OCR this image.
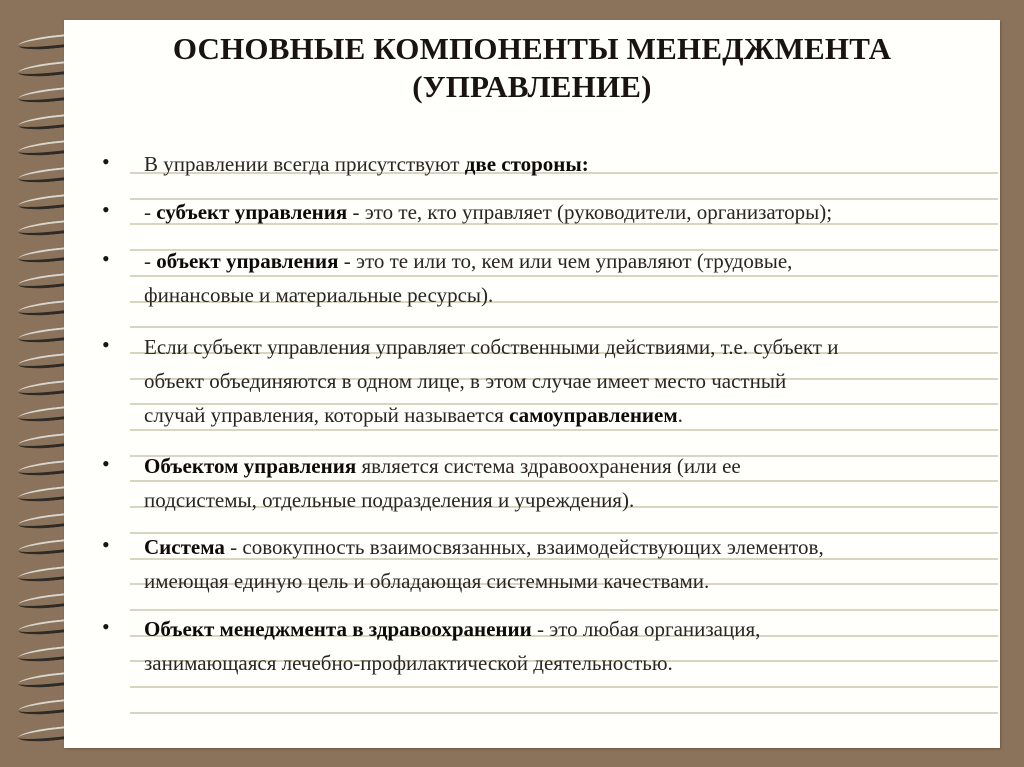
ОСНОВНЫЕ КОМПОНЕНТЫ МЕНЕДЖМЕНТА
(УПРАВЛЕНИЕ)
• В управлении всегда присутствуют две стороны:
• - субъект управления - это те, кто управляет (руководители, организаторы);
• - объект управления - это те или то, кем или чем управляют (трудовые,
финансовые и материальные ресурсы).
• Если субъект управления управляет собственными действиями, т.е. субъект и
объект объединяются в одном лице, в этом случае имеет место частный
случай управления, который называется самоуправлением.
• Объектом управления является система здравоохранения (или ее
подсистемы, отдельные подразделения и учреждения).
• Система - совокупность взаимосвязанных, взаимодействующих элементов,
имеющая единую цель и обладающая системными качествами.
• Объект менеджмента в здравоохранении - это любая организация,
занимающаяся лечебно-профилактической деятельностью.
